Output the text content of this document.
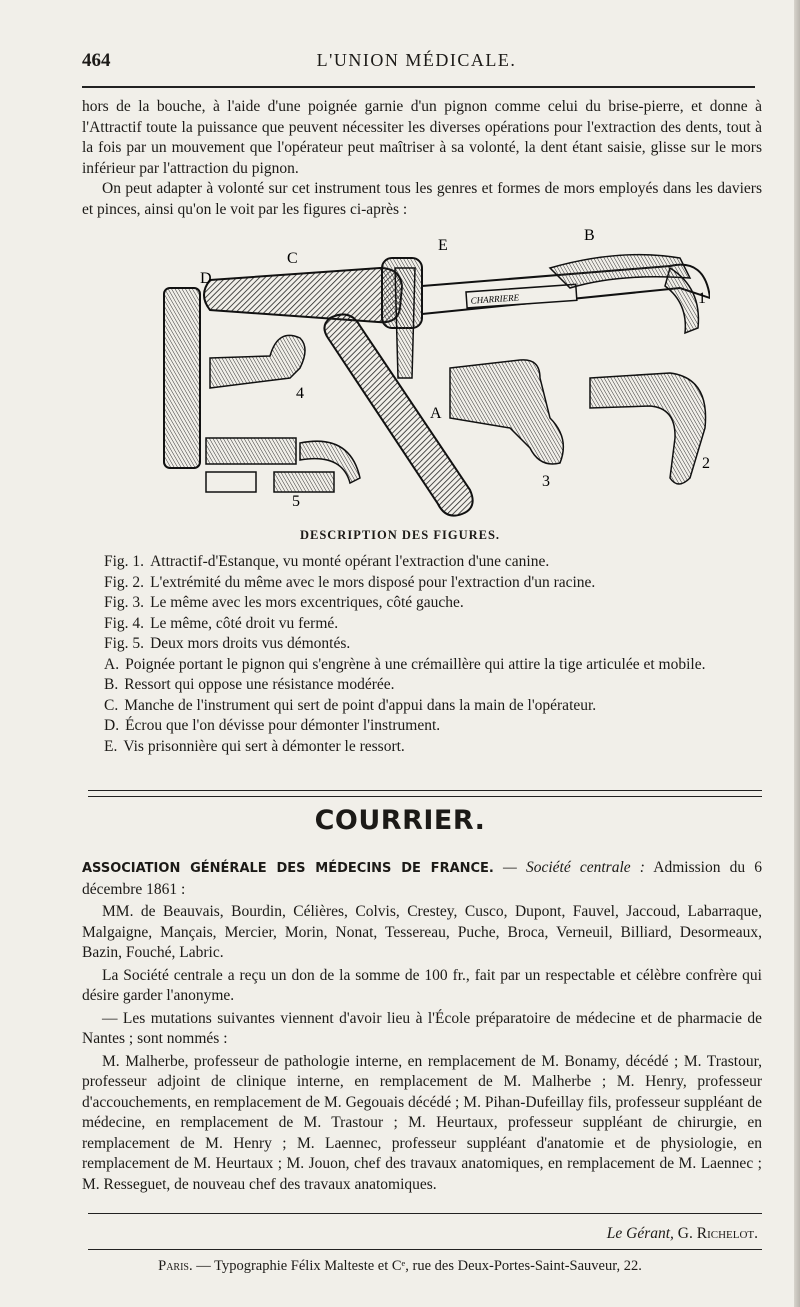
464	L'UNION MÉDICALE.

hors de la bouche, à l'aide d'une poignée garnie d'un pignon comme celui du brise-pierre, et donne à l'Attractif toute la puissance que peuvent nécessiter les diverses opérations pour l'extraction des dents, tout à la fois par un mouvement que l'opérateur peut maîtriser à sa volonté, la dent étant saisie, glisse sur le mors inférieur par l'attraction du pignon.

On peut adapter à volonté sur cet instrument tous les genres et formes de mors employés dans les daviers et pinces, ainsi qu'on le voit par les figures ci-après :

CHARRIERE
C
D
E
B
A
1
2
3
4
5
DESCRIPTION DES FIGURES.
Fig. 1. Attractif-d'Estanque, vu monté opérant l'extraction d'une canine.
Fig. 2. L'extrémité du même avec le mors disposé pour l'extraction d'un racine.
Fig. 3. Le même avec les mors excentriques, côté gauche.
Fig. 4. Le même, côté droit vu fermé.
Fig. 5. Deux mors droits vus démontés.
A. Poignée portant le pignon qui s'engrène à une crémaillère qui attire la tige articulée et mobile.
B. Ressort qui oppose une résistance modérée.
C. Manche de l'instrument qui sert de point d'appui dans la main de l'opérateur.
D. Écrou que l'on dévisse pour démonter l'instrument.
E. Vis prisonnière qui sert à démonter le ressort.
COURRIER.

ASSOCIATION GÉNÉRALE DES MÉDECINS DE FRANCE. — Société centrale : Admission du 6 décembre 1861 :

MM. de Beauvais, Bourdin, Célières, Colvis, Crestey, Cusco, Dupont, Fauvel, Jaccoud, Labarraque, Malgaigne, Mançais, Mercier, Morin, Nonat, Tessereau, Puche, Broca, Verneuil, Billiard, Desormeaux, Bazin, Fouché, Labric.

La Société centrale a reçu un don de la somme de 100 fr., fait par un respectable et célèbre confrère qui désire garder l'anonyme.

— Les mutations suivantes viennent d'avoir lieu à l'École préparatoire de médecine et de pharmacie de Nantes ; sont nommés :

M. Malherbe, professeur de pathologie interne, en remplacement de M. Bonamy, décédé ; M. Trastour, professeur adjoint de clinique interne, en remplacement de M. Malherbe ; M. Henry, professeur d'accouchements, en remplacement de M. Gegouais décédé ; M. Pihan-Dufeillay fils, professeur suppléant de médecine, en remplacement de M. Trastour ; M. Heurtaux, professeur suppléant de chirurgie, en remplacement de M. Henry ; M. Laennec, professeur suppléant d'anatomie et de physiologie, en remplacement de M. Heurtaux ; M. Jouon, chef des travaux anatomiques, en remplacement de M. Laennec ; M. Resseguet, de nouveau chef des travaux anatomiques.

Le Gérant, G. Richelot.
Paris. — Typographie Félix Malteste et Cᵉ, rue des Deux-Portes-Saint-Sauveur, 22.
